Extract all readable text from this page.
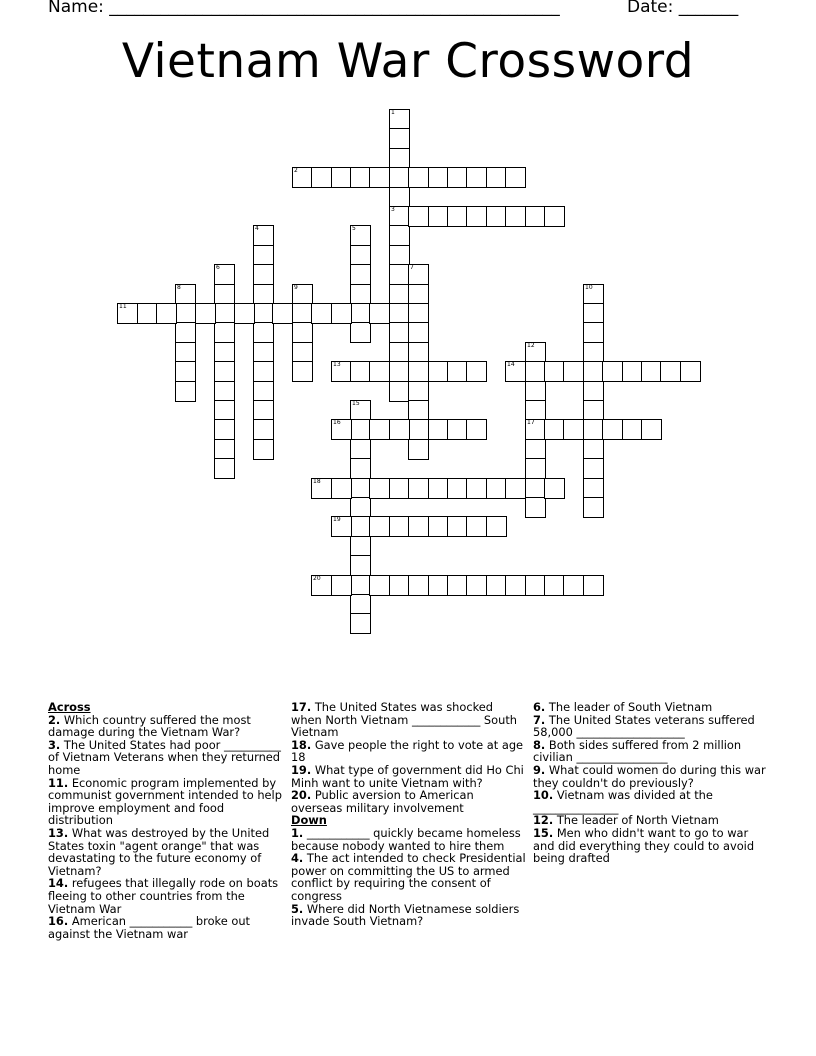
Name: _____________________________________________________	Date: _______
Vietnam War Crossword
1
3
2
4	5
6	7
8	9	10
11
12
17
13	14
15
16
18
19
20

Across

2. Which country suffered the most damage during the Vietnam War?

3. The United States had poor __________ of Vietnam Veterans when they returned home

11. Economic program implemented by communist government intended to help improve employment and food distribution

13. What was destroyed by the United States toxin "agent orange" that was devastating to the future economy of Vietnam?

14. refugees that illegally rode on boats fleeing to other countries from the Vietnam War

16. American ___________ broke out against the Vietnam war

17. The United States was shocked when North Vietnam ____________ South Vietnam

18. Gave people the right to vote at age 18

19. What type of government did Ho Chi Minh want to unite Vietnam with?

20. Public aversion to American overseas military involvement

Down

1. ___________ quickly became homeless because nobody wanted to hire them

4. The act intended to check Presidential power on committing the US to armed conflict by requiring the consent of congress

5. Where did North Vietnamese soldiers invade South Vietnam?

6. The leader of South Vietnam

7. The United States veterans suffered 58,000 ___________________

8. Both sides suffered from 2 million civilian ________________

9. What could women do during this war they couldn't do previously?

10. Vietnam was divided at the _______________

12. The leader of North Vietnam

15. Men who didn't want to go to war and did everything they could to avoid being drafted
